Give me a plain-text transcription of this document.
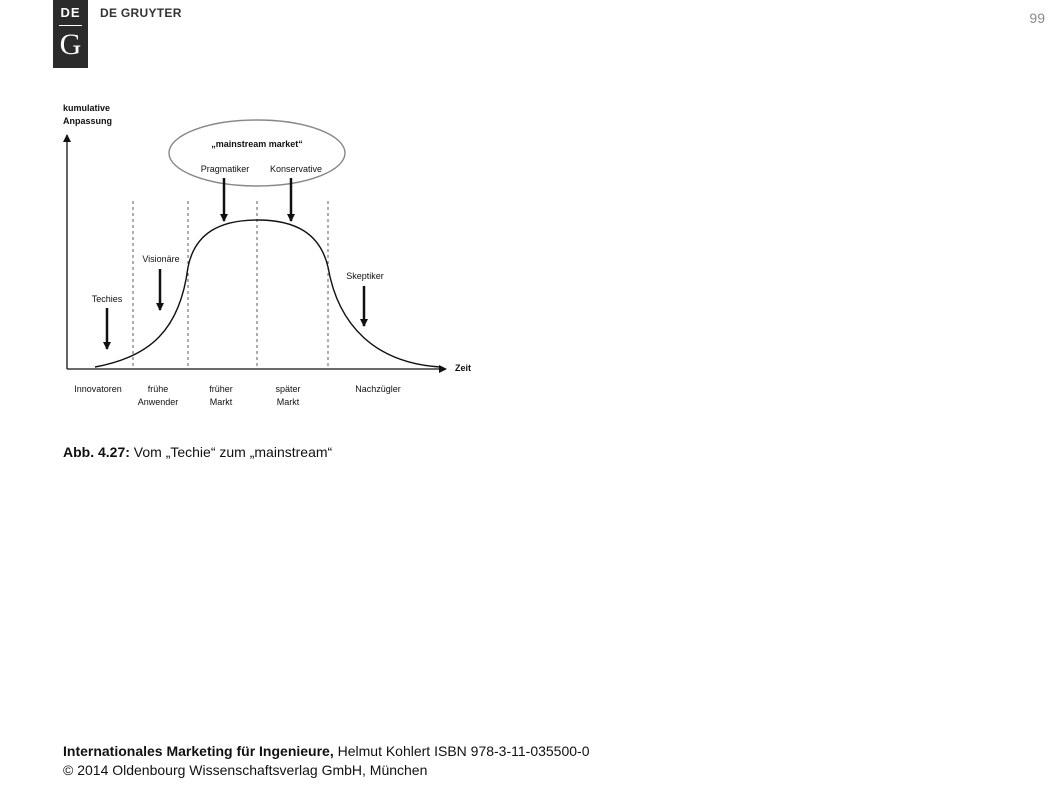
DE
G
DE GRUYTER	99
kumulative
Anpassung
Zeit
„mainstream market“
Pragmatiker Konservative
Visionäre
Techies
Skeptiker
Innovatoren	frühe
Anwender
früher
Markt
später
Markt
Nachzügler
Abb. 4.27: Vom „Techie“ zum „mainstream“
Internationales Marketing für Ingenieure, Helmut Kohlert ISBN 978-3-11-035500-0
© 2014 Oldenbourg Wissenschaftsverlag GmbH, München
